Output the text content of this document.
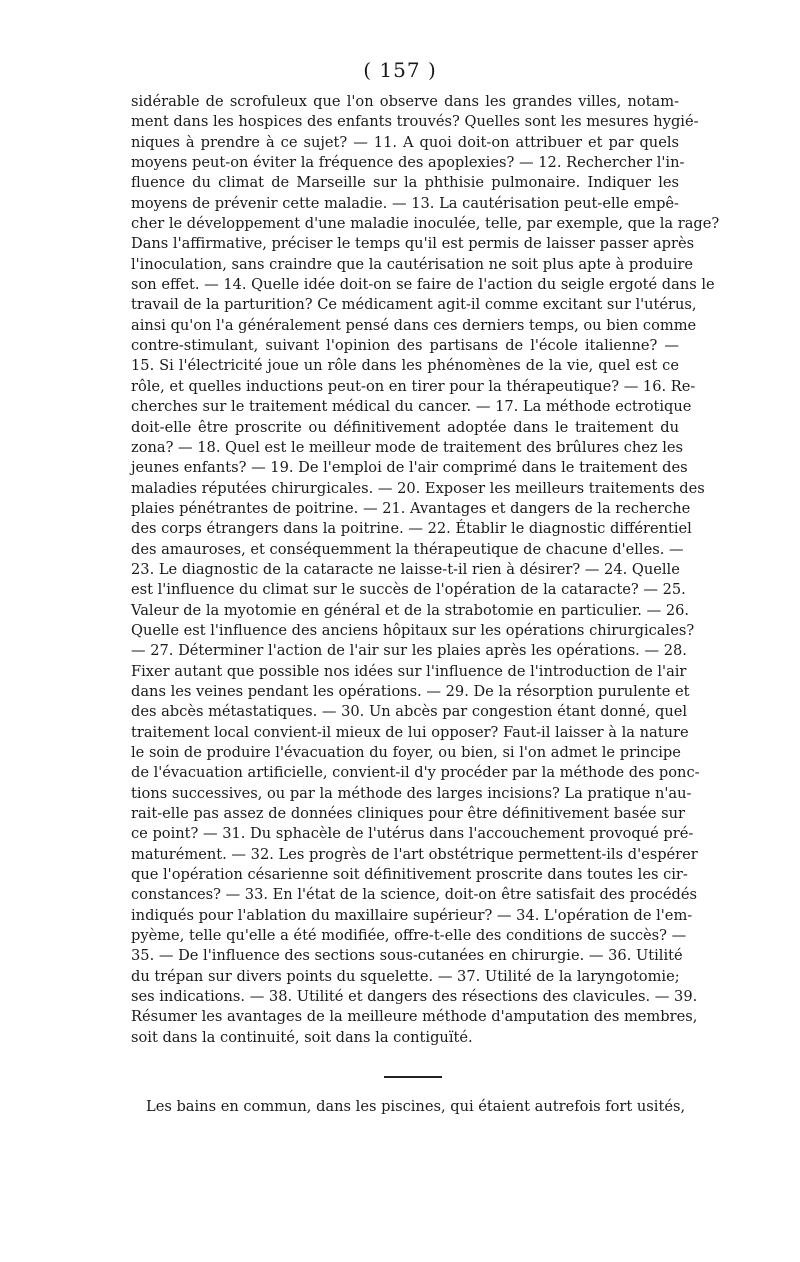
( 157 )
sidérable de scrofuleux que l'on observe dans les grandes villes, notam-
ment dans les hospices des enfants trouvés? Quelles sont les mesures hygié-
niques à prendre à ce sujet? — 11. A quoi doit-on attribuer et par quels
moyens peut-on éviter la fréquence des apoplexies? — 12. Rechercher l'in-
fluence du climat de Marseille sur la phthisie pulmonaire. Indiquer les
moyens de prévenir cette maladie. — 13. La cautérisation peut-elle empê-
cher le développement d'une maladie inoculée, telle, par exemple, que la rage?
Dans l'affirmative, préciser le temps qu'il est permis de laisser passer après
l'inoculation, sans craindre que la cautérisation ne soit plus apte à produire
son effet. — 14. Quelle idée doit-on se faire de l'action du seigle ergoté dans le
travail de la parturition? Ce médicament agit-il comme excitant sur l'utérus,
ainsi qu'on l'a généralement pensé dans ces derniers temps, ou bien comme
contre-stimulant, suivant l'opinion des partisans de l'école italienne? —
15. Si l'électricité joue un rôle dans les phénomènes de la vie, quel est ce
rôle, et quelles inductions peut-on en tirer pour la thérapeutique? — 16. Re-
cherches sur le traitement médical du cancer. — 17. La méthode ectrotique
doit-elle être proscrite ou définitivement adoptée dans le traitement du
zona? — 18. Quel est le meilleur mode de traitement des brûlures chez les
jeunes enfants? — 19. De l'emploi de l'air comprimé dans le traitement des
maladies réputées chirurgicales. — 20. Exposer les meilleurs traitements des
plaies pénétrantes de poitrine. — 21. Avantages et dangers de la recherche
des corps étrangers dans la poitrine. — 22. Établir le diagnostic différentiel
des amauroses, et conséquemment la thérapeutique de chacune d'elles. —
23. Le diagnostic de la cataracte ne laisse-t-il rien à désirer? — 24. Quelle
est l'influence du climat sur le succès de l'opération de la cataracte? — 25.
Valeur de la myotomie en général et de la strabotomie en particulier. — 26.
Quelle est l'influence des anciens hôpitaux sur les opérations chirurgicales?
— 27. Déterminer l'action de l'air sur les plaies après les opérations. — 28.
Fixer autant que possible nos idées sur l'influence de l'introduction de l'air
dans les veines pendant les opérations. — 29. De la résorption purulente et
des abcès métastatiques. — 30. Un abcès par congestion étant donné, quel
traitement local convient-il mieux de lui opposer? Faut-il laisser à la nature
le soin de produire l'évacuation du foyer, ou bien, si l'on admet le principe
de l'évacuation artificielle, convient-il d'y procéder par la méthode des ponc-
tions successives, ou par la méthode des larges incisions? La pratique n'au-
rait-elle pas assez de données cliniques pour être définitivement basée sur
ce point? — 31. Du sphacèle de l'utérus dans l'accouchement provoqué pré-
maturément. — 32. Les progrès de l'art obstétrique permettent-ils d'espérer
que l'opération césarienne soit définitivement proscrite dans toutes les cir-
constances? — 33. En l'état de la science, doit-on être satisfait des procédés
indiqués pour l'ablation du maxillaire supérieur? — 34. L'opération de l'em-
pyème, telle qu'elle a été modifiée, offre-t-elle des conditions de succès? —
35. — De l'influence des sections sous-cutanées en chirurgie. — 36. Utilité
du trépan sur divers points du squelette. — 37. Utilité de la laryngotomie;
ses indications. — 38. Utilité et dangers des résections des clavicules. — 39.
Résumer les avantages de la meilleure méthode d'amputation des membres,
soit dans la continuité, soit dans la contiguïté.
Les bains en commun, dans les piscines, qui étaient autrefois fort usités,
